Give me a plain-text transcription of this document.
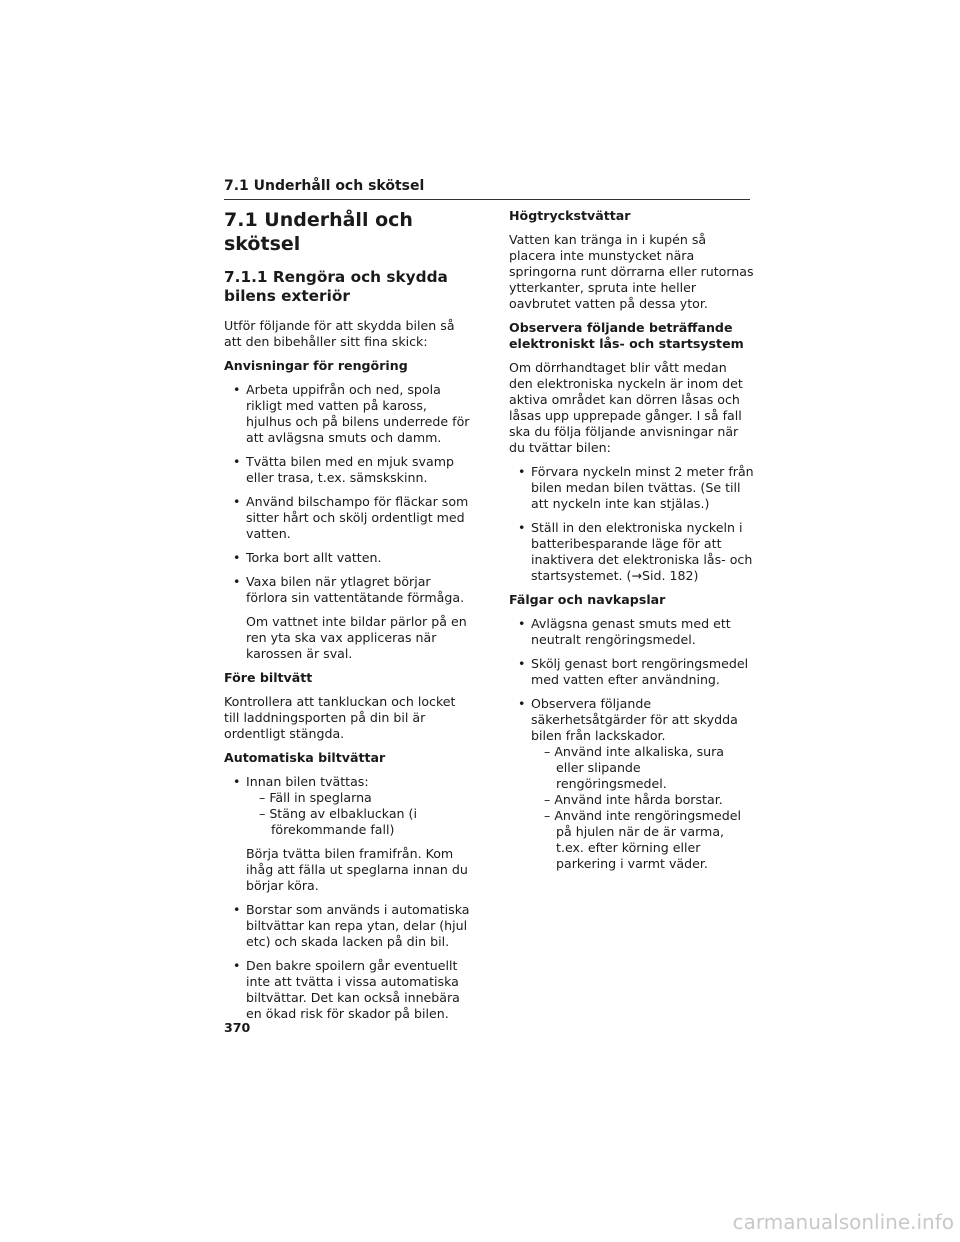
7.1 Underhåll och skötsel
7.1 Underhåll och skötsel
7.1.1 Rengöra och skydda bilens exteriör

Utför följande för att skydda bilen så att den bibehåller sitt fina skick:

Anvisningar för rengöring
• Arbeta uppifrån och ned, spola rikligt med vatten på kaross, hjulhus och på bilens underrede för att avlägsna smuts och damm.
• Tvätta bilen med en mjuk svamp eller trasa, t.ex. sämskskinn.
• Använd bilschampo för fläckar som sitter hårt och skölj ordentligt med vatten.
• Torka bort allt vatten.
• Vaxa bilen när ytlagret börjar förlora sin vattentätande förmåga.
Om vattnet inte bildar pärlor på en ren yta ska vax appliceras när karossen är sval.
Före biltvätt

Kontrollera att tankluckan och locket till laddningsporten på din bil är ordentligt stängda.

Automatiska biltvättar
• Innan bilen tvättas:
– Fäll in speglarna
– Stäng av elbakluckan (i förekommande fall)
Börja tvätta bilen framifrån. Kom ihåg att fälla ut speglarna innan du börjar köra.
• Borstar som används i automatiska biltvättar kan repa ytan, delar (hjul etc) och skada lacken på din bil.
• Den bakre spoilern går eventuellt inte att tvätta i vissa automatiska biltvättar. Det kan också innebära en ökad risk för skador på bilen.
Högtryckstvättar

Vatten kan tränga in i kupén så placera inte munstycket nära springorna runt dörrarna eller rutornas ytterkanter, spruta inte heller oavbrutet vatten på dessa ytor.

Observera följande beträffande elektroniskt lås- och startsystem

Om dörrhandtaget blir vått medan den elektroniska nyckeln är inom det aktiva området kan dörren låsas och låsas upp upprepade gånger. I så fall ska du följa följande anvisningar när du tvättar bilen:

• Förvara nyckeln minst 2 meter från bilen medan bilen tvättas. (Se till att nyckeln inte kan stjälas.)
• Ställ in den elektroniska nyckeln i batteribesparande läge för att inaktivera det elektroniska lås- och startsystemet. (→Sid. 182)
Fälgar och navkapslar
• Avlägsna genast smuts med ett neutralt rengöringsmedel.
• Skölj genast bort rengöringsmedel med vatten efter användning.
• Observera följande säkerhetsåtgärder för att skydda bilen från lackskador.
– Använd inte alkaliska, sura eller slipande rengöringsmedel.
– Använd inte hårda borstar.
– Använd inte rengöringsmedel på hjulen när de är varma, t.ex. efter körning eller parkering i varmt väder.
370
carmanualsonline.info
